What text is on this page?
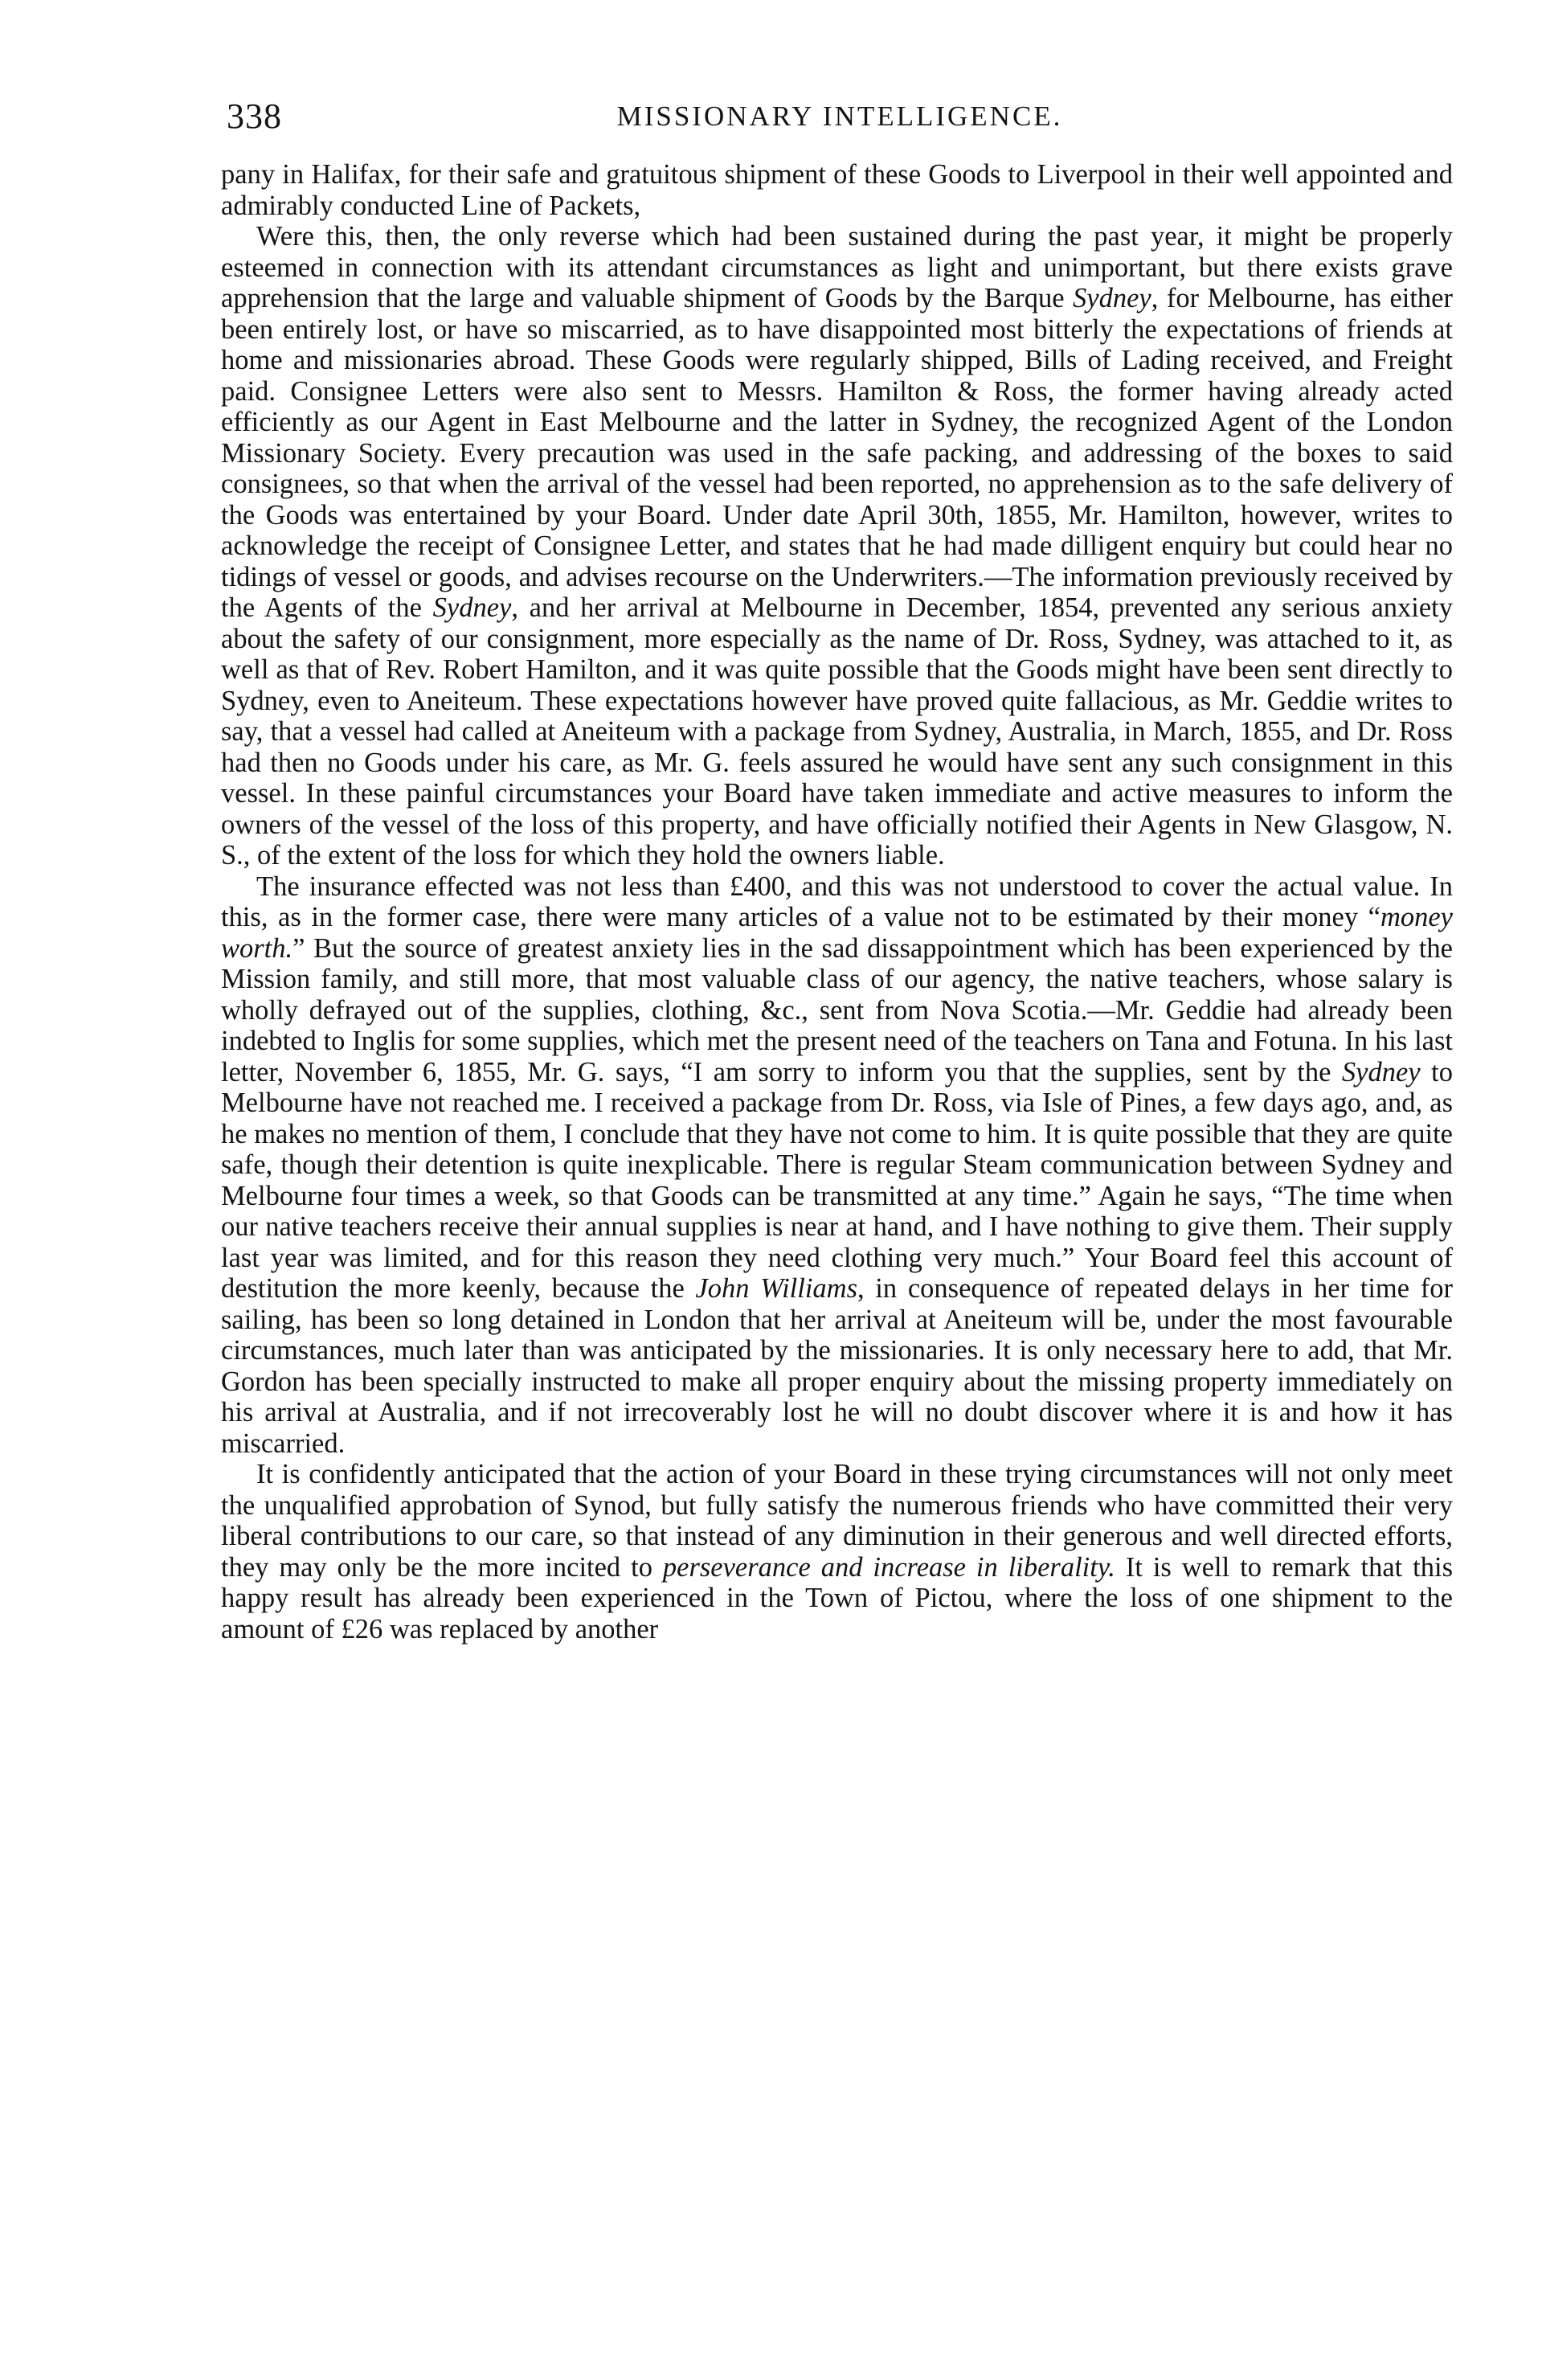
338	MISSIONARY INTELLIGENCE.

pany in Halifax, for their safe and gratuitous shipment of these Goods to Liverpool in their well appointed and admirably conducted Line of Packets,

Were this, then, the only reverse which had been sustained during the past year, it might be properly esteemed in connection with its attendant circumstances as light and unimportant, but there exists grave apprehension that the large and valuable shipment of Goods by the Barque Sydney, for Melbourne, has either been entirely lost, or have so miscarried, as to have disappointed most bitterly the expectations of friends at home and missionaries abroad. These Goods were regularly shipped, Bills of Lading received, and Freight paid. Consignee Letters were also sent to Messrs. Hamilton & Ross, the former having already acted efficiently as our Agent in East Melbourne and the latter in Sydney, the recognized Agent of the London Missionary Society. Every precaution was used in the safe packing, and addressing of the boxes to said consignees, so that when the arrival of the vessel had been reported, no apprehension as to the safe delivery of the Goods was entertained by your Board. Under date April 30th, 1855, Mr. Hamilton, however, writes to acknowledge the receipt of Consignee Letter, and states that he had made dilligent enquiry but could hear no tidings of vessel or goods, and advises recourse on the Underwriters.—The information previously received by the Agents of the Sydney, and her arrival at Melbourne in December, 1854, prevented any serious anxiety about the safety of our consignment, more especially as the name of Dr. Ross, Sydney, was attached to it, as well as that of Rev. Robert Hamilton, and it was quite possible that the Goods might have been sent directly to Sydney, even to Aneiteum. These expectations however have proved quite fallacious, as Mr. Geddie writes to say, that a vessel had called at Aneiteum with a package from Sydney, Australia, in March, 1855, and Dr. Ross had then no Goods under his care, as Mr. G. feels assured he would have sent any such consignment in this vessel. In these painful circumstances your Board have taken immediate and active measures to inform the owners of the vessel of the loss of this property, and have officially notified their Agents in New Glasgow, N. S., of the extent of the loss for which they hold the owners liable.

The insurance effected was not less than £400, and this was not understood to cover the actual value. In this, as in the former case, there were many articles of a value not to be estimated by their money “money worth.” But the source of greatest anxiety lies in the sad dissappointment which has been experienced by the Mission family, and still more, that most valuable class of our agency, the native teachers, whose salary is wholly defrayed out of the supplies, clothing, &c., sent from Nova Scotia.—Mr. Geddie had already been indebted to Inglis for some supplies, which met the present need of the teachers on Tana and Fotuna. In his last letter, November 6, 1855, Mr. G. says, “I am sorry to inform you that the supplies, sent by the Sydney to Melbourne have not reached me. I received a package from Dr. Ross, via Isle of Pines, a few days ago, and, as he makes no mention of them, I conclude that they have not come to him. It is quite possible that they are quite safe, though their detention is quite inexplicable. There is regular Steam communication between Sydney and Melbourne four times a week, so that Goods can be transmitted at any time.” Again he says, “The time when our native teachers receive their annual supplies is near at hand, and I have nothing to give them. Their supply last year was limited, and for this reason they need clothing very much.” Your Board feel this account of destitution the more keenly, because the John Williams, in consequence of repeated delays in her time for sailing, has been so long detained in London that her arrival at Aneiteum will be, under the most favourable circumstances, much later than was anticipated by the missionaries. It is only necessary here to add, that Mr. Gordon has been specially instructed to make all proper enquiry about the missing property immediately on his arrival at Australia, and if not irrecoverably lost he will no doubt discover where it is and how it has miscarried.

It is confidently anticipated that the action of your Board in these trying circumstances will not only meet the unqualified approbation of Synod, but fully satisfy the numerous friends who have committed their very liberal contributions to our care, so that instead of any diminution in their generous and well directed efforts, they may only be the more incited to perseverance and increase in liberality. It is well to remark that this happy result has already been experienced in the Town of Pictou, where the loss of one shipment to the amount of £26 was replaced by another
